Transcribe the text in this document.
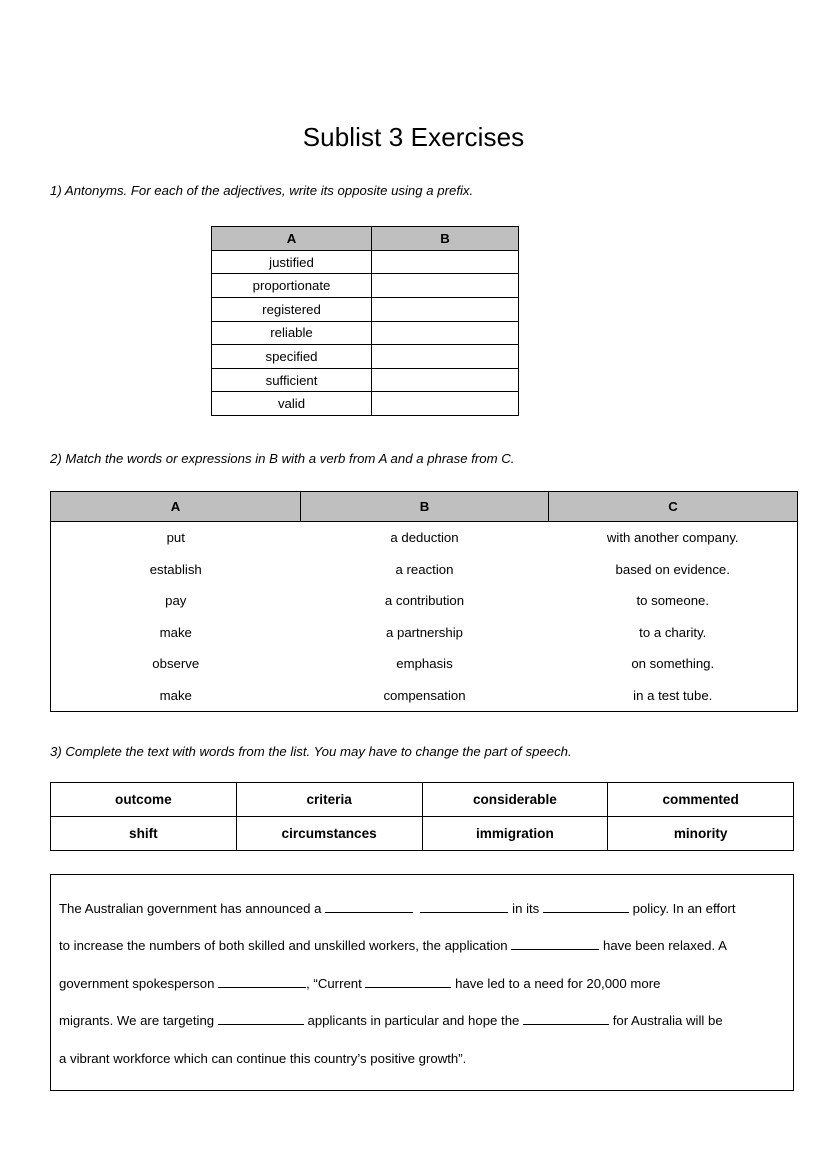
Sublist 3 Exercises

1) Antonyms. For each of the adjectives, write its opposite using a prefix.

A	B
justified	
proportionate	
registered	
reliable	
specified	
sufficient	
valid	

2) Match the words or expressions in B with a verb from A and a phrase from C.

A	B	C
put	a deduction	with another company.
establish	a reaction	based on evidence.
pay	a contribution	to someone.
make	a partnership	to a charity.
observe	emphasis	on something.
make	compensation	in a test tube.

3) Complete the text with words from the list. You may have to change the part of speech.

outcome	criteria	considerable	commented
shift	circumstances	immigration	minority
The Australian government has announced a	in its	policy. In an effort
to increase the numbers of both skilled and unskilled workers, the application	have been relaxed. A
government spokesperson	, “Current	have led to a need for 20,000 more
migrants. We are targeting	applicants in particular and hope the	for Australia will be
a vibrant workforce which can continue this country’s positive growth”.
